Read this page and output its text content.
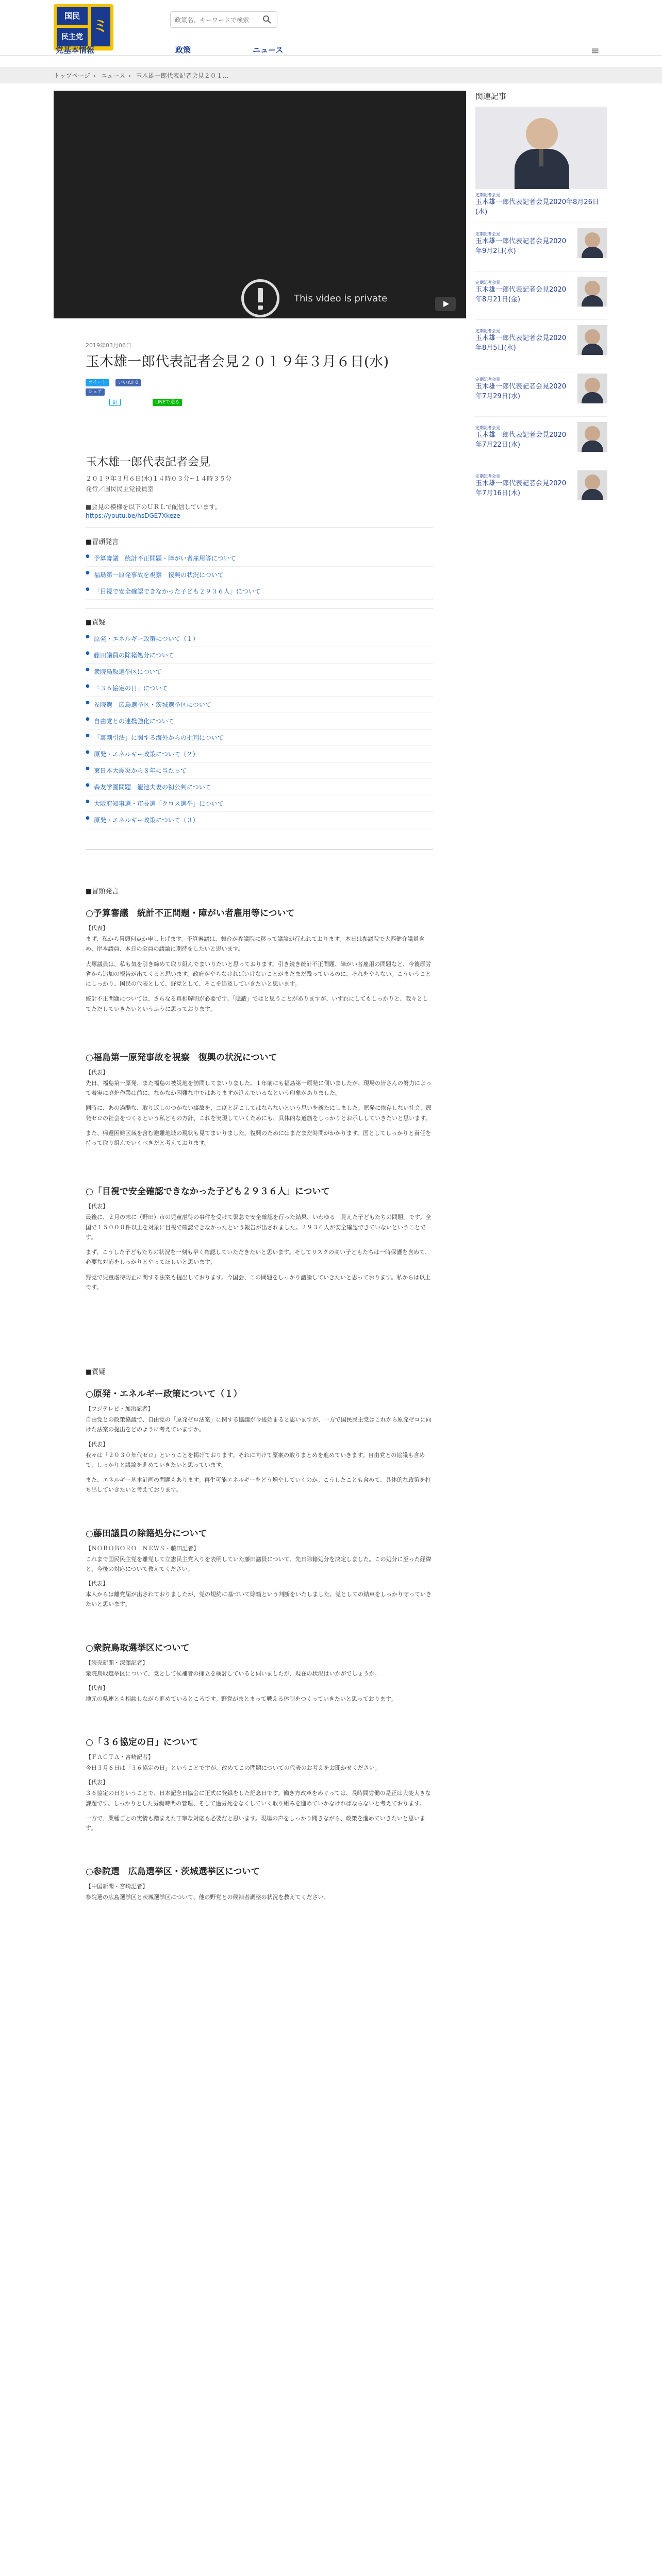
国民
民主党
ミ
政策名、キーワードで検索
党基本情報	政策	ニュース	≡
トップページ › ニュース › 玉木雄一郎代表記者会見２０１…
This video is private
2019年03月06日
玉木雄一郎代表記者会見２０１９年３月６日(水)
ツイート	いいね! 0
シェア
B!	LINEで送る
玉木雄一郎代表記者会見
２０１９年３月６日(水)１４時０３分~１４時３５分
発行／国民民主党役員室
■会見の模様を以下のＵＲＬで配信しています。
https://youtu.be/hsDGE7Xkeze
■冒頭発言
● 予算審議　統計不正問題・障がい者雇用等について
● 福島第一原発事故を視察　復興の状況について
● 「目視で安全確認できなかった子ども２９３６人」について
■質疑
● 原発・エネルギー政策について（１）
● 藤田議員の除籍処分について
● 衆院鳥取選挙区について
● 「３６協定の日」について
● 参院選　広島選挙区・茨城選挙区について
● 自由党との連携強化について
● 「裏割引法」に関する海外からの批判について
● 原発・エネルギー政策について（２）
● 東日本大震災から８年に当たって
● 森友学園問題　籠池夫妻の初公判について
● 大阪府知事選・市長選「クロス選挙」について
● 原発・エネルギー政策について（３）
■冒頭発言
○予算審議　統計不正問題・障がい者雇用等について
【代表】
まず、私から冒頭何点か申し上げます。予算審議は、舞台が参議院に移って議論が行われております。本日は参議院で大西健介議員含め、岸本議員、本日の全員の議論に期待をしたいと思います。
大塚議員は、私も気を引き締めて取り組んでまいりたいと思っております。引き続き統計不正問題、障がい者雇用の問題など、今後厚労省から追加の報告が出てくると思います。政府がやらなければいけないことがまだまだ残っているのに、それをやらない。こういうことにしっかり、国民の代表として、野党として、そこを追及していきたいと思います。
統計不正問題については、さらなる真相解明が必要です。「隠蔽」ではと思うことがありますが、いずれにしてもしっかりと、我々としてただしていきたいというふうに思っております。
○福島第一原発事故を視察　復興の状況について
【代表】
先日、福島第一原発、また福島の被災地を訪問してまいりました。１年前にも福島第一原発に伺いましたが、現場の皆さんの努力によって着実に廃炉作業は前に、なかなか困難な中ではありますが進んでいるなという印象がありました。
同時に、あの過酷な、取り返しのつかない事故を、二度と起こしてはならないという思いを新たにしました。原発に依存しない社会、原発ゼロの社会をつくるという私どもの方針、これを実現していくためにも、具体的な道筋をしっかりとお示ししていきたいと思います。
また、帰還困難区域を含む避難地域の現状も見てまいりました。復興のためにはまだまだ時間がかかります。国としてしっかりと責任を持って取り組んでいくべきだと考えております。
○「目視で安全確認できなかった子ども２９３６人」について
【代表】
最後に、２月の末に（野田）市の児童虐待の事件を受けて緊急で安全確認を行った結果、いわゆる「見えた子どもたちの問題」です。全国で１５０００件以上を対象に目視で確認できなかったという報告が出されました。２９３６人が安全確認できていないということです。
まず、こうした子どもたちの状況を一刻も早く確認していただきたいと思います。そしてリスクの高い子どもたちは一時保護を含めて、必要な対応をしっかりとやってほしいと思います。
野党で児童虐待防止に関する法案も提出しております。今国会、この問題をしっかり議論していきたいと思っております。私からは以上です。
■質疑
○原発・エネルギー政策について（１）
【フジテレビ・加治記者】
自由党との政策協議で、自由党の「原発ゼロ法案」に関する協議が今後始まると思いますが、一方で国民民主党はこれから原発ゼロに向けた法案の提出をどのように考えていますか。
【代表】
我々は「２０３０年代ゼロ」ということを掲げております。それに向けて原案の取りまとめを進めていきます。自由党との協議も含めて、しっかりと議論を進めていきたいと思っています。
また、エネルギー基本計画の問題もあります。再生可能エネルギーをどう増やしていくのか。こうしたことも含めて、具体的な政策を打ち出していきたいと考えております。
○藤田議員の除籍処分について
【ＮＯＲＯＢＯＲＯ　ＮＥＷＳ・藤田記者】
これまで国民民主党を離党して立憲民主党入りを表明していた藤田議員について、先日除籍処分を決定しました。この処分に至った経緯と、今後の対応について教えてください。
【代表】
本人からは離党届が出されておりましたが、党の規約に基づいて除籍という判断をいたしました。党としての結束をしっかり守っていきたいと思います。
○衆院鳥取選挙区について
【読売新聞・深澤記者】
衆院鳥取選挙区について、党として候補者の擁立を検討していると伺いましたが、現在の状況はいかがでしょうか。
【代表】
地元の県連とも相談しながら進めているところです。野党がまとまって戦える体制をつくっていきたいと思っております。
○「３６協定の日」について
【ＦＡＣＴＡ・宮崎記者】
今日３月６日は「３６協定の日」ということですが、改めてこの問題についての代表のお考えをお聞かせください。
【代表】
３６協定の日ということで、日本記念日協会に正式に登録をした記念日です。働き方改革をめぐっては、長時間労働の是正は大変大きな課題です。しっかりとした労働時間の管理、そして過労死をなくしていく取り組みを進めていかなければならないと考えております。
一方で、業種ごとの実情も踏まえた丁寧な対応も必要だと思います。現場の声をしっかり聞きながら、政策を進めていきたいと思います。
○参院選　広島選挙区・茨城選挙区について
【中国新聞・宮崎記者】
参院選の広島選挙区と茨城選挙区について、他の野党との候補者調整の状況を教えてください。
関連記事
定期記者会見
玉木雄一郎代表記者会見2020年8月26日(水)
定期記者会見
玉木雄一郎代表記者会見2020年9月2日(水)
定期記者会見
玉木雄一郎代表記者会見2020年8月21日(金)
定期記者会見
玉木雄一郎代表記者会見2020年8月5日(水)
定期記者会見
玉木雄一郎代表記者会見2020年7月29日(水)
定期記者会見
玉木雄一郎代表記者会見2020年7月22日(水)
定期記者会見
玉木雄一郎代表記者会見2020年7月16日(木)
